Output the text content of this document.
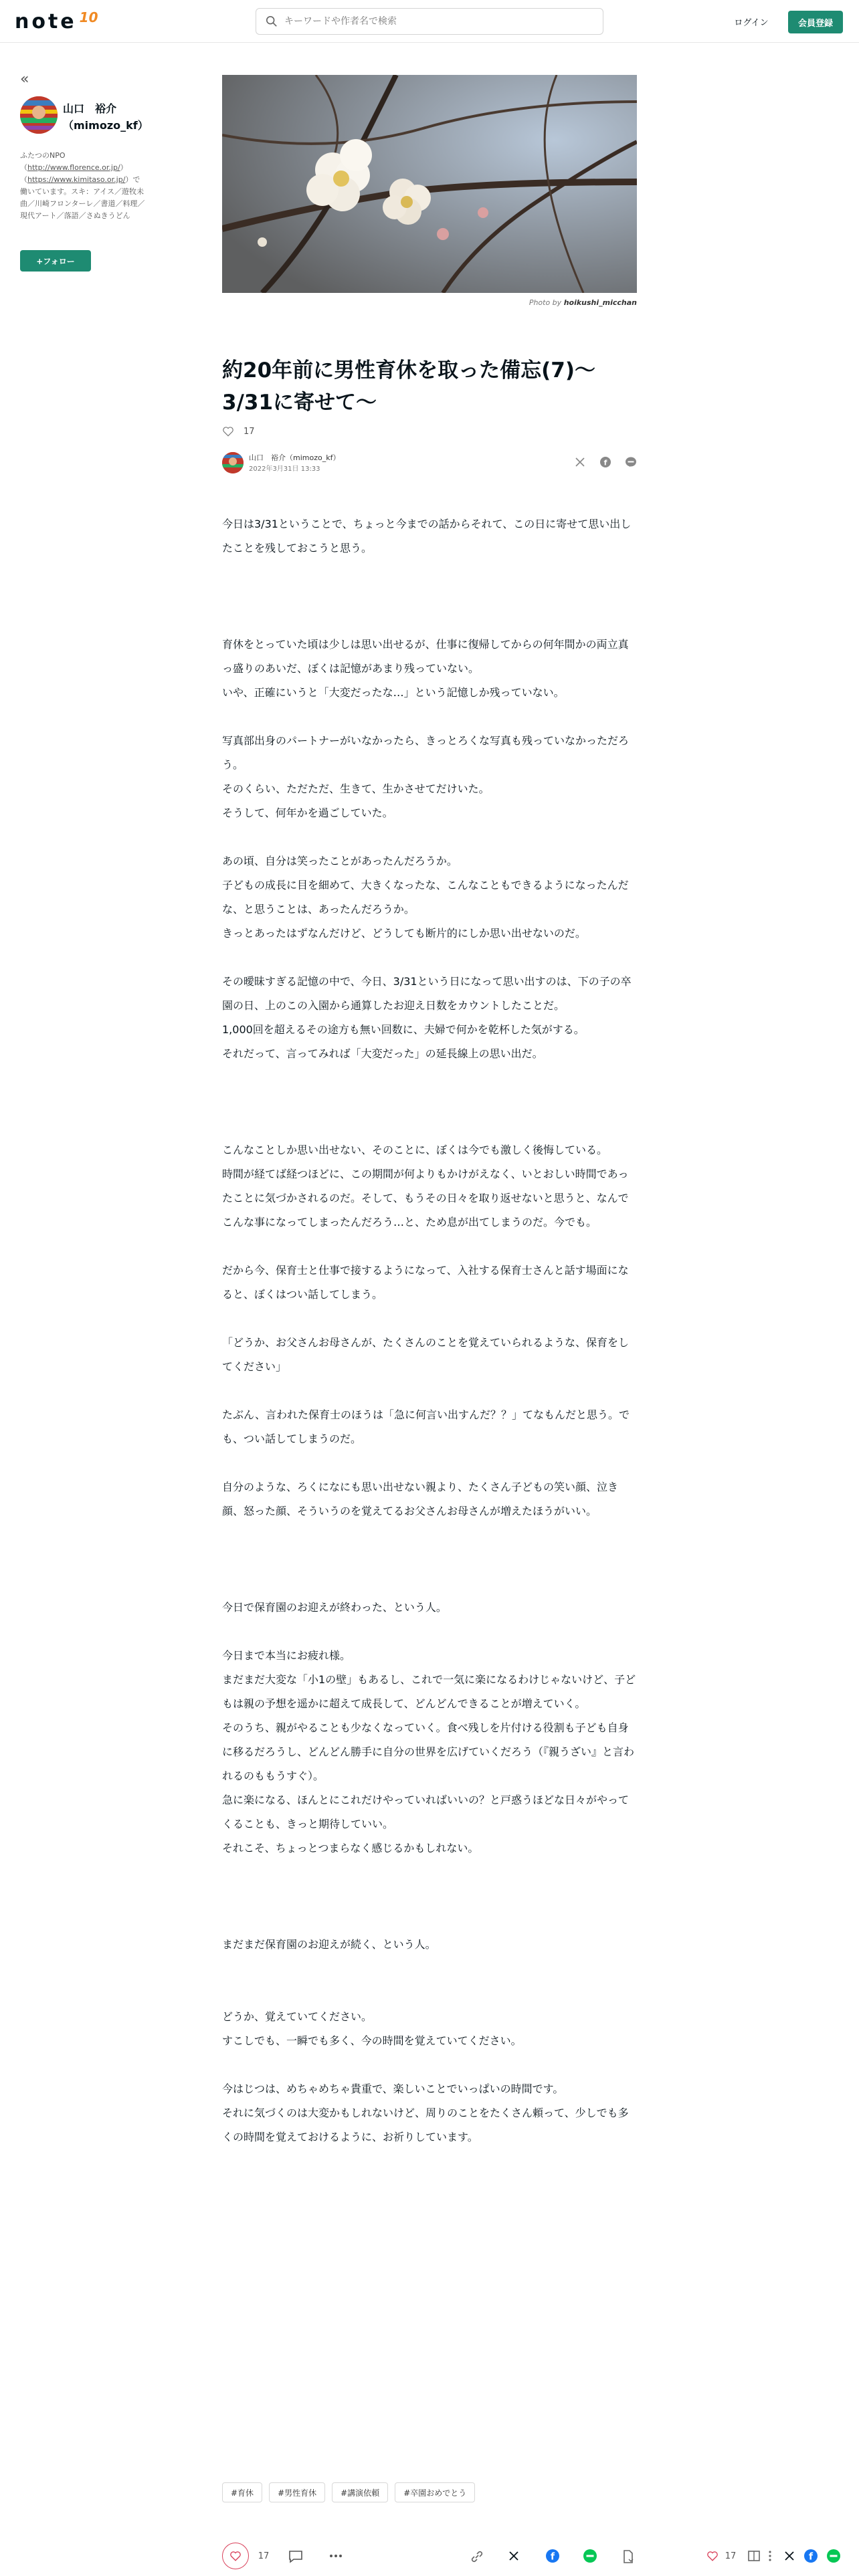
note 10
キーワードや作者名で検索	ログイン	会員登録
«
山口　裕介（mimozo_kf）
ふたつのNPO（http://www.florence.or.jp/）（https://www.kimitaso.or.jp/）で働いています。スキ：アイス／遊牧未曲／川崎フロンターレ／書道／料理／現代アート／落語／さぬきうどん
+フォロー
Photo by hoikushi_micchan
約20年前に男性育休を取った備忘(7)〜3/31に寄せて〜
17
山口　裕介（mimozo_kf）
2022年3月31日 13:33
f

今日は3/31ということで、ちょっと今までの話からそれて、この日に寄せて思い出したことを残しておこうと思う。

育休をとっていた頃は少しは思い出せるが、仕事に復帰してからの何年間かの両立真っ盛りのあいだ、ぼくは記憶があまり残っていない。

いや、正確にいうと「大変だったな…」という記憶しか残っていない。

写真部出身のパートナーがいなかったら、きっとろくな写真も残っていなかっただろう。

そのくらい、ただただ、生きて、生かさせてだけいた。

そうして、何年かを過ごしていた。

あの頃、自分は笑ったことがあったんだろうか。

子どもの成長に目を細めて、大きくなったな、こんなこともできるようになったんだな、と思うことは、あったんだろうか。

きっとあったはずなんだけど、どうしても断片的にしか思い出せないのだ。

その曖昧すぎる記憶の中で、今日、3/31という日になって思い出すのは、下の子の卒園の日、上のこの入園から通算したお迎え日数をカウントしたことだ。

1,000回を超えるその途方も無い回数に、夫婦で何かを乾杯した気がする。

それだって、言ってみれば「大変だった」の延長線上の思い出だ。

こんなことしか思い出せない、そのことに、ぼくは今でも激しく後悔している。

時間が経てば経つほどに、この期間が何よりもかけがえなく、いとおしい時間であったことに気づかされるのだ。そして、もうその日々を取り返せないと思うと、なんでこんな事になってしまったんだろう…と、ため息が出てしまうのだ。今でも。

だから今、保育士と仕事で接するようになって、入社する保育士さんと話す場面になると、ぼくはつい話してしまう。

「どうか、お父さんお母さんが、たくさんのことを覚えていられるような、保育をしてください」

たぶん、言われた保育士のほうは「急に何言い出すんだ？？」てなもんだと思う。でも、つい話してしまうのだ。

自分のような、ろくになにも思い出せない親より、たくさん子どもの笑い顔、泣き顔、怒った顔、そういうのを覚えてるお父さんお母さんが増えたほうがいい。

今日で保育園のお迎えが終わった、という人。

今日まで本当にお疲れ様。

まだまだ大変な「小1の壁」もあるし、これで一気に楽になるわけじゃないけど、子どもは親の予想を遥かに超えて成長して、どんどんできることが増えていく。

そのうち、親がやることも少なくなっていく。食べ残しを片付ける役割も子ども自身に移るだろうし、どんどん勝手に自分の世界を広げていくだろう（『親うざい』と言われるのももうすぐ）。

急に楽になる、ほんとにこれだけやっていればいいの？と戸惑うほどな日々がやってくることも、きっと期待していい。

それこそ、ちょっとつまらなく感じるかもしれない。

まだまだ保育園のお迎えが続く、という人。

どうか、覚えていてください。

すこしでも、一瞬でも多く、今の時間を覚えていてください。

今はじつは、めちゃめちゃ貴重で、楽しいことでいっぱいの時間です。

それに気づくのは大変かもしれないけど、周りのことをたくさん頼って、少しでも多くの時間を覚えておけるように、お祈りしています。

#育休	#男性育休	#講演依頼	#卒園おめでとう
17	f	17	f
